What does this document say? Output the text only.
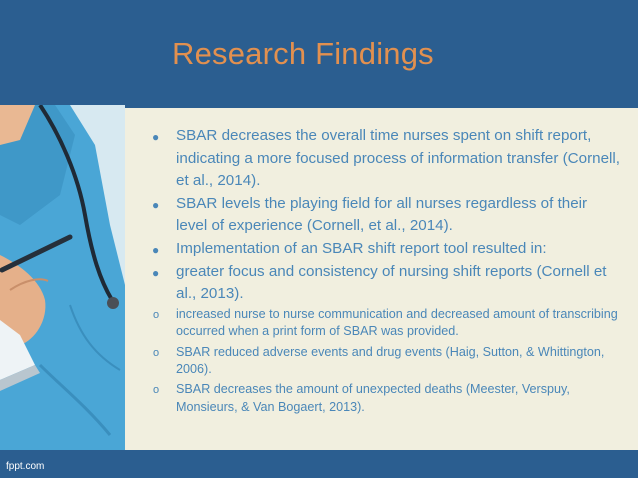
Research Findings
● SBAR decreases the overall time nurses spent on shift report, indicating a more focused process of information transfer (Cornell, et al., 2014).
● SBAR levels the playing field for all nurses regardless of their level of experience (Cornell, et al., 2014).
● Implementation of an SBAR shift report tool resulted in:
● greater focus and consistency of nursing shift reports (Cornell et al., 2013).
o increased nurse to nurse communication and decreased amount of transcribing occurred when a print form of SBAR was provided.
o SBAR reduced adverse events and drug events (Haig, Sutton, & Whittington, 2006).
o SBAR decreases the amount of unexpected deaths (Meester, Verspuy, Monsieurs, & Van Bogaert, 2013).
fppt.com
